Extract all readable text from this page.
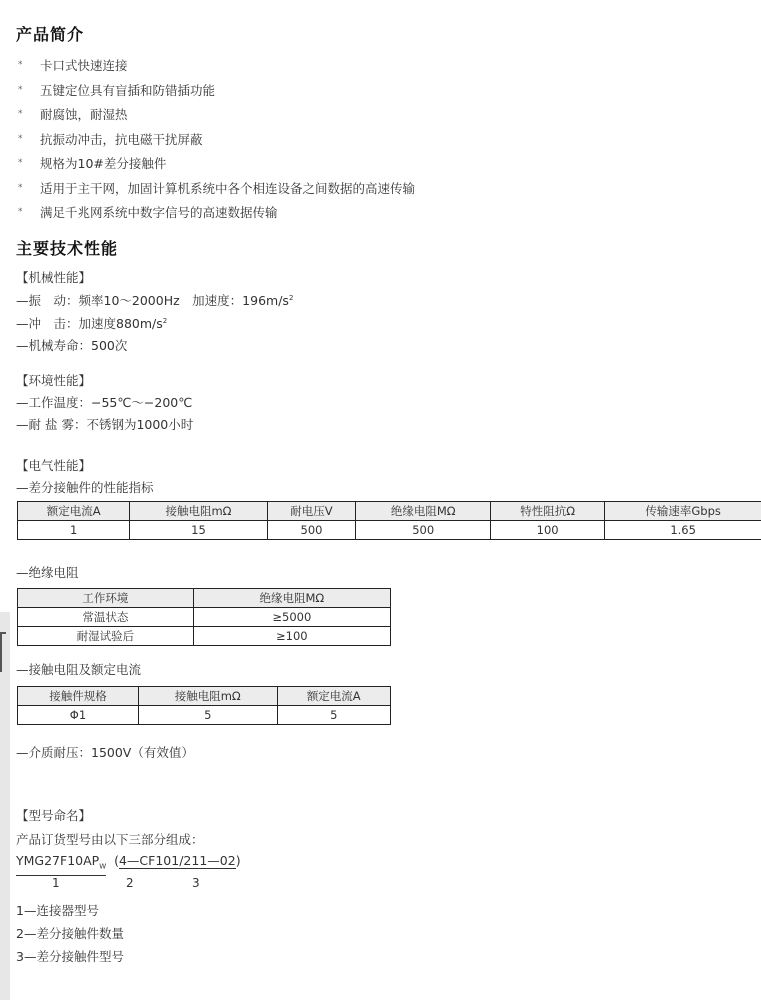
产品简介
*	卡口式快速连接
*	五键定位具有盲插和防错插功能
*	耐腐蚀，耐湿热
*	抗振动冲击，抗电磁干扰屏蔽
*	规格为10#差分接触件
*	适用于主干网，加固计算机系统中各个相连设备之间数据的高速传输
*	满足千兆网系统中数字信号的高速数据传输
主要技术性能
【机械性能】
—振　动：频率10～2000Hz　加速度：$196m/s^2$
—冲　击：加速度$880m/s^2$
—机械寿命：500次
【环境性能】
—工作温度：−55℃～−200℃
—耐 盐 雾：不锈钢为1000小时
【电气性能】
—差分接触件的性能指标
额定电流A	接触电阻mΩ	耐电压V	绝缘电阻MΩ	特性阻抗Ω	传输速率Gbps
1	15	500	500	100	1.65
—绝缘电阻
工作环境	绝缘电阻MΩ
常温状态	≥5000
耐湿试验后	≥100
—接触电阻及额定电流
接触件规格	接触电阻mΩ	额定电流A
Φ1	5	5
—介质耐压：1500V（有效值）
【型号命名】
产品订货型号由以下三部分组成：
$YMG27F10AP_W$ (4—CF101/211—02)
1	2	3
1—连接器型号
2—差分接触件数量
3—差分接触件型号
